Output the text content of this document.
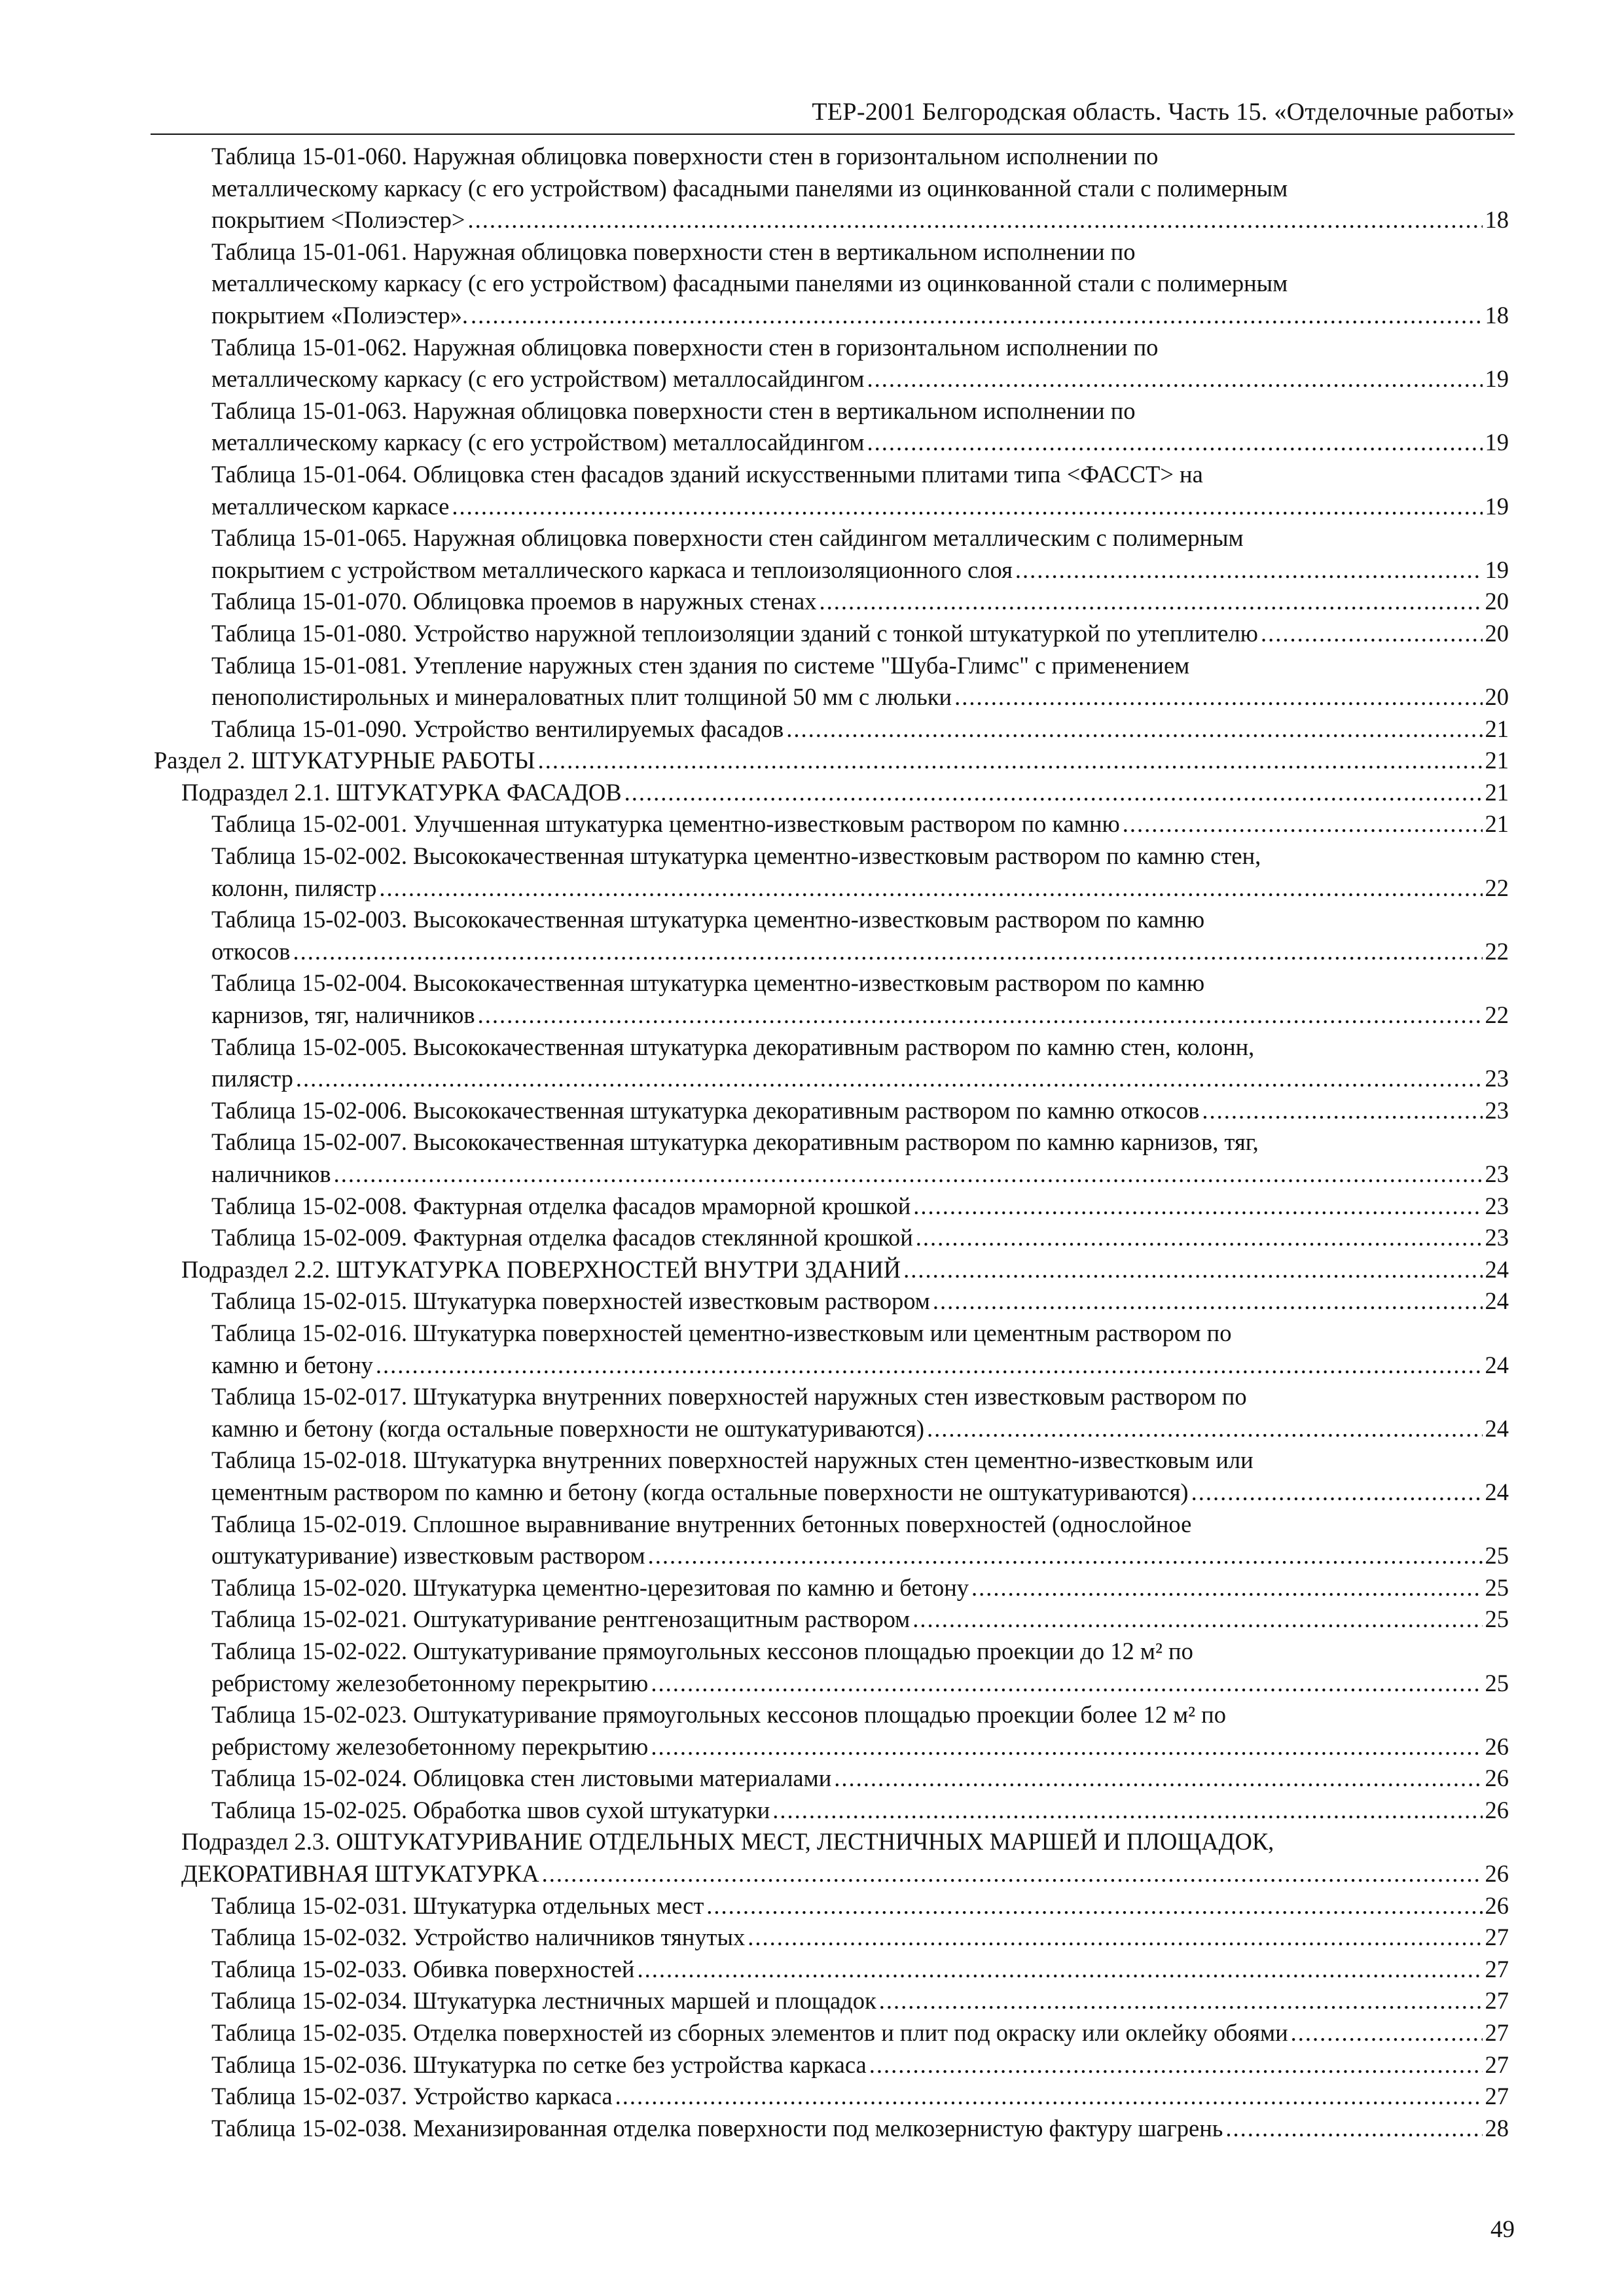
ТЕР-2001 Белгородская область. Часть 15. «Отделочные работы»
Таблица 15-01-060. Наружная облицовка поверхности стен в горизонтальном исполнении по
металлическому каркасу (с его устройством) фасадными панелями из оцинкованной стали с полимерным
покрытием <Полиэстер> .....	18
Таблица 15-01-061. Наружная облицовка поверхности стен в вертикальном исполнении по
металлическому каркасу (с его устройством) фасадными панелями из оцинкованной стали с полимерным
покрытием «Полиэстер». .....	18
Таблица 15-01-062. Наружная облицовка поверхности стен в горизонтальном исполнении по
металлическому каркасу (с его устройством) металлосайдингом .....	19
Таблица 15-01-063. Наружная облицовка поверхности стен в вертикальном исполнении по
металлическому каркасу (с его устройством) металлосайдингом .....	19
Таблица 15-01-064. Облицовка стен фасадов зданий искусственными плитами типа <ФАССТ> на
металлическом каркасе .....	19
Таблица 15-01-065. Наружная облицовка поверхности стен сайдингом металлическим с полимерным
покрытием с устройством металлического каркаса и теплоизоляционного слоя .....	19
Таблица 15-01-070. Облицовка проемов в наружных стенах .....	20
Таблица 15-01-080. Устройство наружной теплоизоляции зданий с тонкой штукатуркой по утеплителю .....	20
Таблица 15-01-081. Утепление наружных стен здания по системе "Шуба-Глимс" с применением
пенополистирольных и минераловатных плит толщиной 50 мм с люльки .....	20
Таблица 15-01-090. Устройство вентилируемых фасадов .....	21
Раздел 2. ШТУКАТУРНЫЕ РАБОТЫ .....	21
Подраздел 2.1. ШТУКАТУРКА ФАСАДОВ .....	21
Таблица 15-02-001. Улучшенная штукатурка цементно-известковым раствором по камню .....	21
Таблица 15-02-002. Высококачественная штукатурка цементно-известковым раствором по камню стен,
колонн, пилястр .....	22
Таблица 15-02-003. Высококачественная штукатурка цементно-известковым раствором по камню
откосов .....	22
Таблица 15-02-004. Высококачественная штукатурка цементно-известковым раствором по камню
карнизов, тяг, наличников .....	22
Таблица 15-02-005. Высококачественная штукатурка декоративным раствором по камню стен, колонн,
пилястр .....	23
Таблица 15-02-006. Высококачественная штукатурка декоративным раствором по камню откосов .....	23
Таблица 15-02-007. Высококачественная штукатурка декоративным раствором по камню карнизов, тяг,
наличников .....	23
Таблица 15-02-008. Фактурная отделка фасадов мраморной крошкой .....	23
Таблица 15-02-009. Фактурная отделка фасадов стеклянной крошкой .....	23
Подраздел 2.2. ШТУКАТУРКА ПОВЕРХНОСТЕЙ ВНУТРИ ЗДАНИЙ .....	24
Таблица 15-02-015. Штукатурка поверхностей известковым раствором .....	24
Таблица 15-02-016. Штукатурка поверхностей цементно-известковым или цементным раствором по
камню и бетону .....	24
Таблица 15-02-017. Штукатурка внутренних поверхностей наружных стен известковым раствором по
камню и бетону (когда остальные поверхности не оштукатуриваются) .....	24
Таблица 15-02-018. Штукатурка внутренних поверхностей наружных стен цементно-известковым или
цементным раствором по камню и бетону (когда остальные поверхности не оштукатуриваются) .....	24
Таблица 15-02-019. Сплошное выравнивание внутренних бетонных поверхностей (однослойное
оштукатуривание) известковым раствором .....	25
Таблица 15-02-020. Штукатурка цементно-церезитовая по камню и бетону .....	25
Таблица 15-02-021. Оштукатуривание рентгенозащитным раствором .....	25
Таблица 15-02-022. Оштукатуривание прямоугольных кессонов площадью проекции до 12 м² по
ребристому железобетонному перекрытию .....	25
Таблица 15-02-023. Оштукатуривание прямоугольных кессонов площадью проекции более 12 м² по
ребристому железобетонному перекрытию .....	26
Таблица 15-02-024. Облицовка стен листовыми материалами .....	26
Таблица 15-02-025. Обработка швов сухой штукатурки .....	26
Подраздел 2.3. ОШТУКАТУРИВАНИЕ ОТДЕЛЬНЫХ МЕСТ, ЛЕСТНИЧНЫХ МАРШЕЙ И ПЛОЩАДОК,
ДЕКОРАТИВНАЯ ШТУКАТУРКА .....	26
Таблица 15-02-031. Штукатурка отдельных мест .....	26
Таблица 15-02-032. Устройство наличников тянутых .....	27
Таблица 15-02-033. Обивка поверхностей .....	27
Таблица 15-02-034. Штукатурка лестничных маршей и площадок .....	27
Таблица 15-02-035. Отделка поверхностей из сборных элементов и плит под окраску или оклейку обоями .....	27
Таблица 15-02-036. Штукатурка по сетке без устройства каркаса .....	27
Таблица 15-02-037. Устройство каркаса .....	27
Таблица 15-02-038. Механизированная отделка поверхности под мелкозернистую фактуру шагрень .....	28
49
